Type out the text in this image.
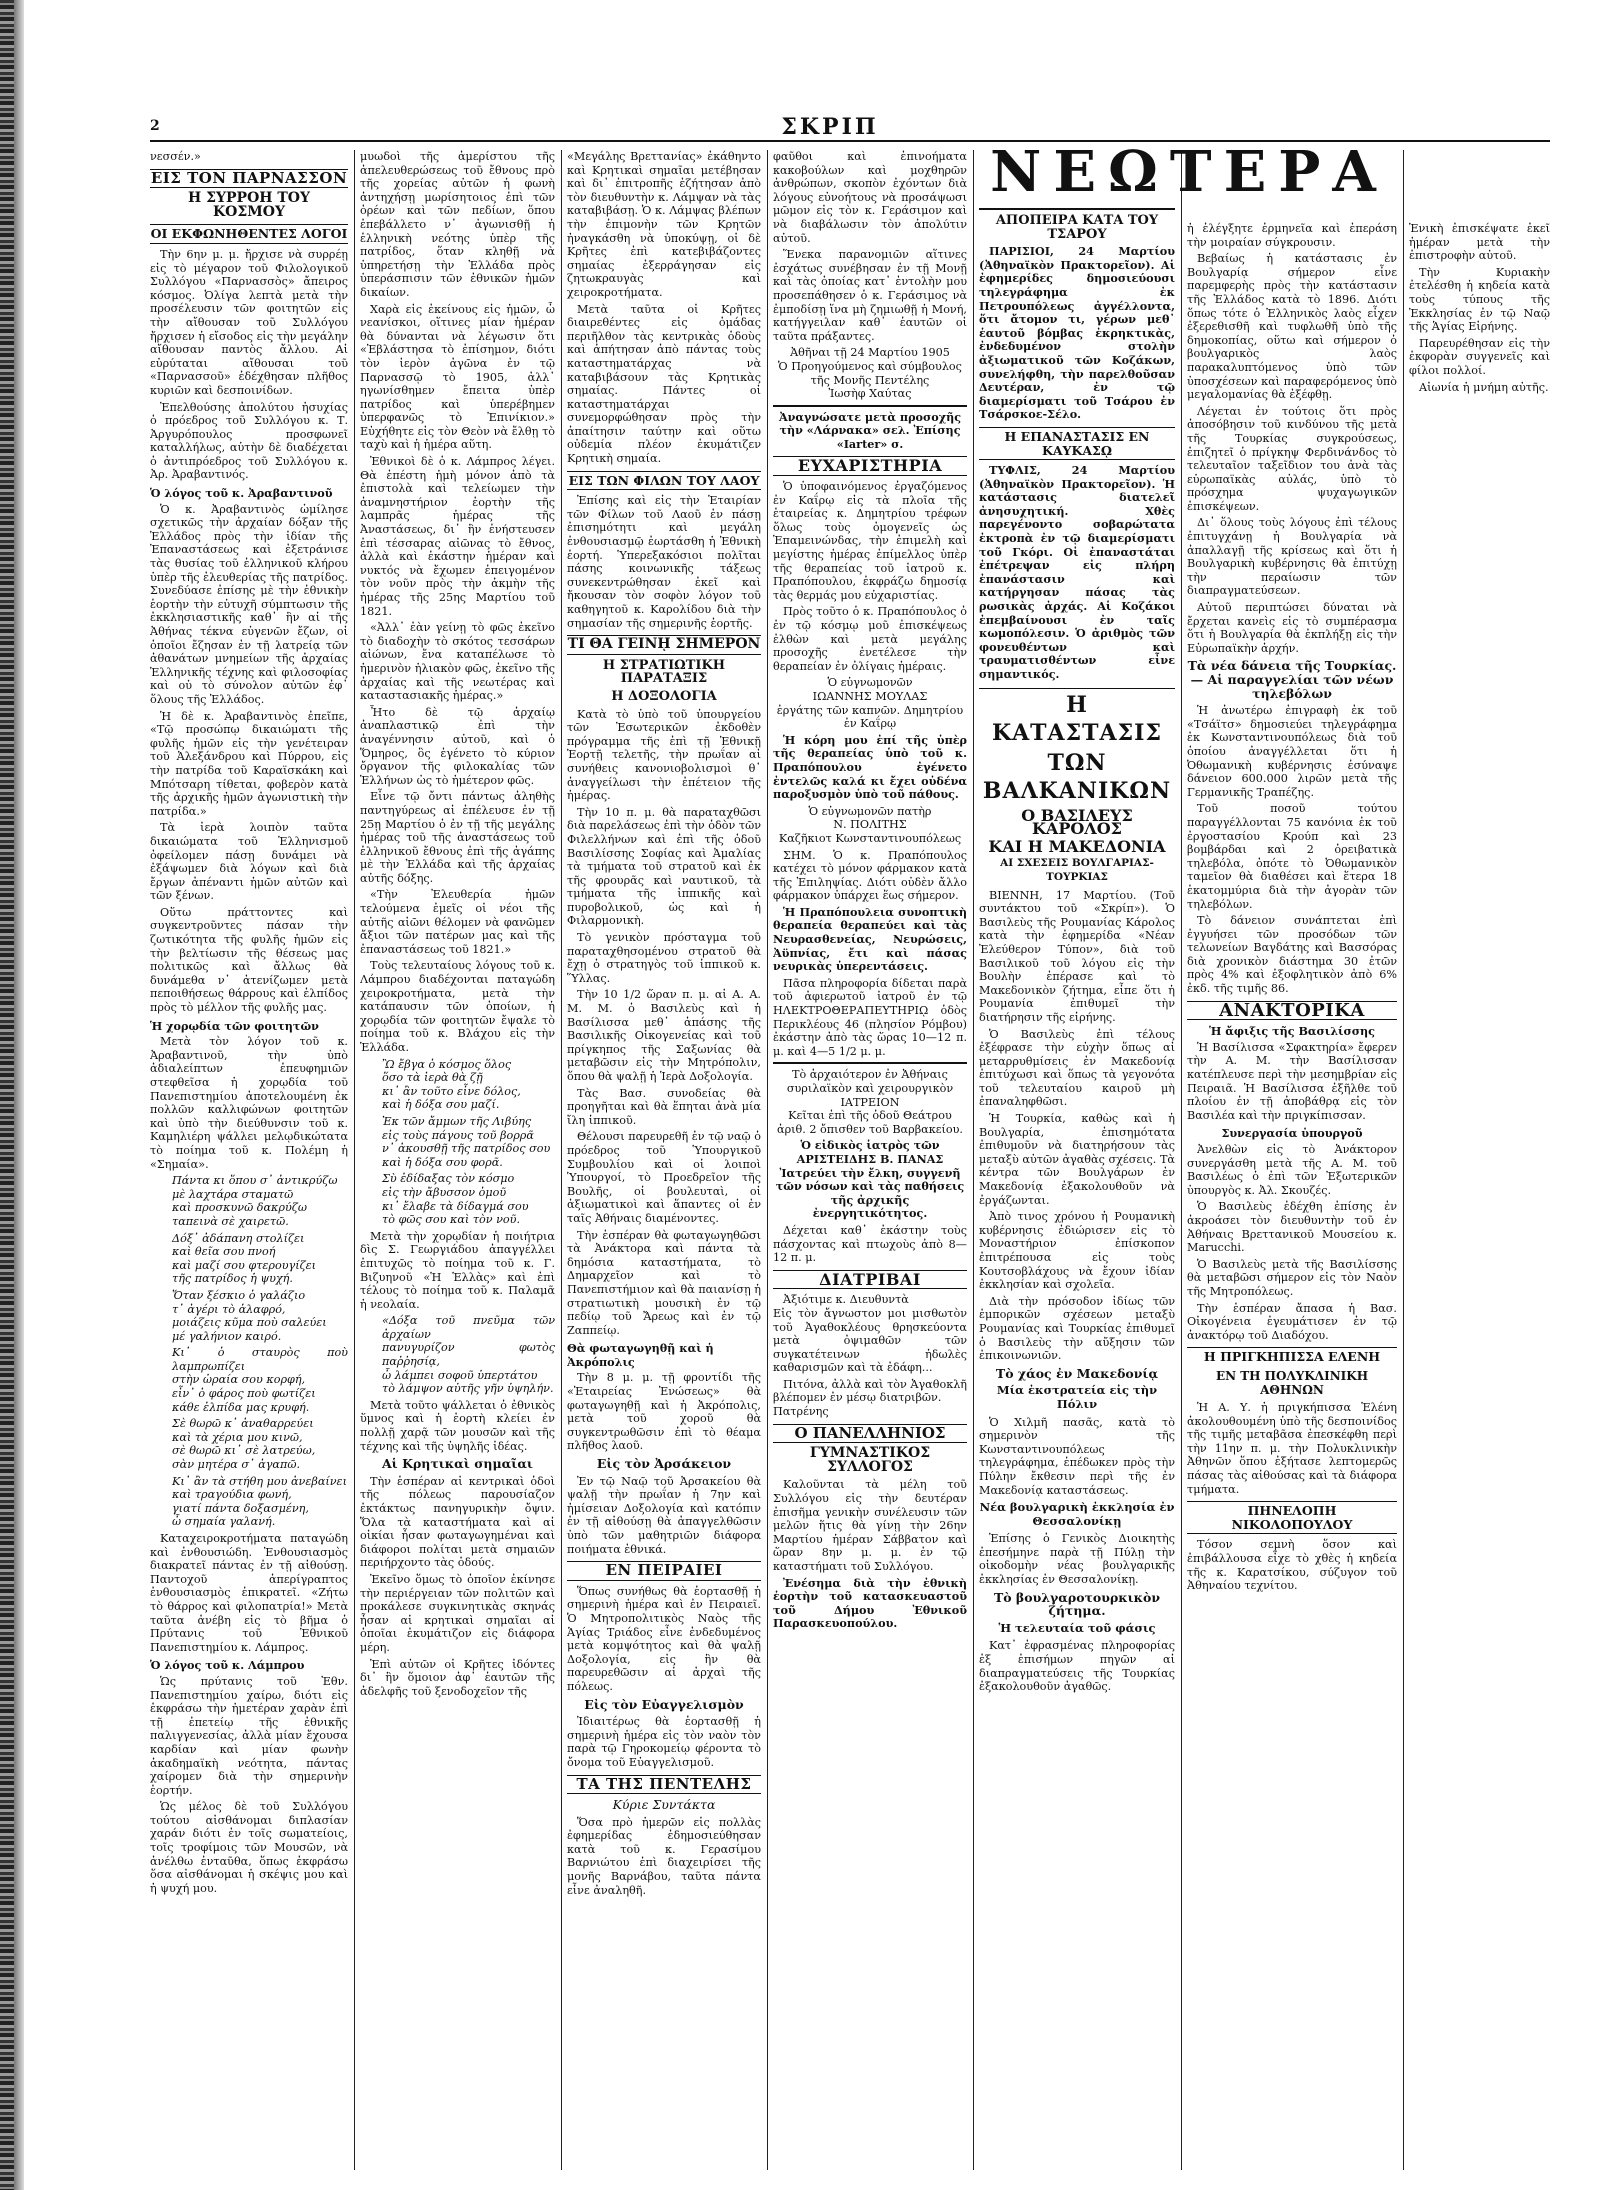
2	ΣΚΡΙΠ

νεσσέν.»

ΕΙΣ ΤΟΝ ΠΑΡΝΑΣΣΟΝ
Η ΣΥΡΡΟΗ ΤΟΥ ΚΟΣΜΟΥ
ΟΙ ΕΚΦΩΝΗΘΕΝΤΕΣ ΛΟΓΟΙ

Τὴν 6ην μ. μ. ἤρχισε νὰ συρρέῃ εἰς τὸ μέγαρον τοῦ Φιλολογικοῦ Συλλόγου «Παρνασσὸς» ἄπειρος κόσμος. Ὀλίγα λεπτὰ μετὰ τὴν προσέλευσιν τῶν φοιτητῶν εἰς τὴν αἴθουσαν τοῦ Συλλόγου ἤρχισεν ἡ εἴσοδος εἰς τὴν μεγάλην αἴθουσαν παντὸς ἄλλου. Αἱ εὐρύταται αἴθουσαι τοῦ «Παρνασσοῦ» ἐδέχθησαν πλῆθος κυριῶν καὶ δεσποινίδων.

Ἐπελθούσης ἀπολύτου ἡσυχίας ὁ πρόεδρος τοῦ Συλλόγου κ. Τ. Ἀργυρόπουλος προσφωνεῖ καταλλήλως, αὐτὴν δὲ διαδέχεται ὁ ἀντιπρόεδρος τοῦ Συλλόγου κ. Ἀρ. Ἀραβαντινός.

Ὁ λόγος τοῦ κ. Ἀραβαντινοῦ

Ὁ κ. Ἀραβαντινὸς ὡμίλησε σχετικῶς τὴν ἀρχαίαν δόξαν τῆς Ἑλλάδος πρὸς τὴν ἰδίαν τῆς Ἐπαναστάσεως καὶ ἐξετράνισε τὰς θυσίας τοῦ ἑλληνικοῦ κλήρου ὑπὲρ τῆς ἐλευθερίας τῆς πατρίδος. Συνεδύασε ἐπίσης μὲ τὴν ἐθνικὴν ἑορτὴν τὴν εὐτυχῆ σύμπτωσιν τῆς ἐκκλησιαστικῆς καθ᾽ ἣν αἱ τῆς Ἀθήνας τέκνα εὐγενῶν ἔζων, οἱ ὁποῖοι ἔζησαν ἐν τῇ λατρείᾳ τῶν ἀθανάτων μνημείων τῆς ἀρχαίας Ἑλληνικῆς τέχνης καὶ φιλοσοφίας καὶ οὐ τὸ σύνολον αὐτῶν ἐφ᾽ ὅλους τῆς Ἑλλάδος.

Ἡ δὲ κ. Ἀραβαντινὸς ἐπεῖπε, «Τῷ προσώπῳ δικαιώματι τῆς φυλῆς ἡμῶν εἰς τὴν γενέτειραν τοῦ Ἀλεξάνδρου καὶ Πύρρου, εἰς τὴν πατρίδα τοῦ Καραϊσκάκη καὶ Μπότσαρη τίθεται, φοβερὸν κατὰ τῆς ἀρχικῆς ἡμῶν ἀγωνιστικὴ τὴν πατρίδα.»

Τὰ ἱερὰ λοιπὸν ταῦτα δικαιώματα τοῦ Ἑλληνισμοῦ ὀφείλομεν πάσῃ δυνάμει νὰ ἐξάψωμεν διὰ λόγων καὶ διὰ ἔργων ἀπέναντι ἡμῶν αὐτῶν καὶ τῶν ξένων.

Οὕτω πράττοντες καὶ συγκεντροῦντες πάσαν τὴν ζωτικότητα τῆς φυλῆς ἡμῶν εἰς τὴν βελτίωσιν τῆς θέσεως μας πολιτικῶς καὶ ἄλλως θὰ δυνάμεθα ν᾽ ἀτενίζωμεν μετὰ πεποιθήσεως θάρρους καὶ ἐλπίδος πρὸς τὸ μέλλον τῆς φυλῆς μας.

Ἡ χορῳδία τῶν φοιτητῶν

Μετὰ τὸν λόγον τοῦ κ. Ἀραβαντινοῦ, τὴν ὑπὸ ἀδιαλείπτων ἐπευφημιῶν στεφθεῖσα ἡ χορῳδία τοῦ Πανεπιστημίου ἀποτελουμένη ἐκ πολλῶν καλλιφώνων φοιτητῶν καὶ ὑπὸ τὴν διεύθυνσιν τοῦ κ. Καμηλιέρη ψάλλει μελῳδικώτατα τὸ ποίημα τοῦ κ. Πολέμη ἡ «Σημαία».

Πάντα κι ὅπου σ᾽ ἀντικρύζω
μὲ λαχτάρα σταματῶ
καὶ προσκυνῶ δακρύζω
ταπεινὰ σὲ χαιρετῶ.
Δόξ᾽ ἀδάπανη στολίζει
καὶ θεῖα σου πνοή
καὶ μαζί σου φτερουγίζει
τῆς πατρίδος ἡ ψυχή.
Ὅταν ξέσκιο ὁ γαλάζιο
τ᾽ ἀγέρι τὸ ἁλαφρό,
μοιάζεις κῦμα ποὺ σαλεύει
μέ γαλήνιον καιρό.
Κι᾽ ὁ σταυρὸς ποὺ λαμπρωπίζει
στὴν ὠραία σου κορφή,
εἶν᾽ ὁ φάρος ποὺ φωτίζει
κάθε ἐλπίδα μας κρυφή.
Σὲ θωρῶ κ᾽ ἀναθαρρεύει
καὶ τὰ χέρια μου κινῶ,
σὲ θωρῶ κι᾽ σὲ λατρεύω,
σὰν μητέρα σ᾽ ἀγαπῶ.
Κι᾽ ἂν τὰ στήθη μου ἀνεβαίνει
καὶ τραγούδια φωνή,
γιατί πάντα δοξασμένη,
ὦ σημαία γαλανή.

Καταχειροκροτήματα παταγώδη καὶ ἐνθουσιώδη. Ἐνθουσιασμὸς διακρατεῖ πάντας ἐν τῇ αἰθούσῃ. Παντοχοῦ ἀπερίγραπτος ἐνθουσιασμὸς ἐπικρατεῖ. «Ζήτω τὸ θάρρος καὶ φιλοπατρία!» Μετὰ ταῦτα ἀνέβη εἰς τὸ βῆμα ὁ Πρύτανις τοῦ Ἐθνικοῦ Πανεπιστημίου κ. Λάμπρος.

Ὁ λόγος τοῦ κ. Λάμπρου

Ὡς πρύτανις τοῦ Ἐθν. Πανεπιστημίου χαίρω, διότι εἰς ἐκφράσω τὴν ἡμετέραν χαρὰν ἐπὶ τῇ ἐπετείῳ τῆς ἐθνικῆς παλιγγενεσίας, ἀλλὰ μίαν ἔχουσα καρδίαν καὶ μίαν φωνὴν ἀκαδημαϊκὴ νεότητα, πάντας χαίρομεν διὰ τὴν σημερινὴν ἑορτήν.

Ὡς μέλος δὲ τοῦ Συλλόγου τούτου αἰσθάνομαι διπλασίαν χαράν διότι ἐν τοῖς σωματείοις, τοῖς τροφίμοις τῶν Μουσῶν, νὰ ἀνέλθω ἐνταῦθα, ὅπως ἐκφράσω ὅσα αἰσθάνομαι ἡ σκέψις μου καὶ ἡ ψυχή μου.

μυωδοὶ τῆς ἀμερίστου τῆς ἀπελευθερώσεως τοῦ ἔθνους πρὸ τῆς χορείας αὐτῶν ἡ φωνὴ ἀντηχήσῃ μωρίσητοιος ἐπὶ τῶν ὁρέων καὶ τῶν πεδίων, ὅπου ἐπεβάλλετο ν᾽ ἀγωνισθῇ ἡ ἑλληνικὴ νεότης ὑπὲρ τῆς πατρίδος, ὅταν κληθῇ νὰ ὑπηρετήσῃ τὴν Ἑλλάδα πρὸς ὑπεράσπισιν τῶν ἐθνικῶν ἡμῶν δικαίων.

Χαρὰ εἰς ἐκείνους εἰς ἡμῶν, ὦ νεανίσκοι, οἵτινες μίαν ἡμέραν θὰ δύνανται νὰ λέγωσιν ὅτι «Ἐβλάστησα τὸ ἐπίσημον, διότι τὸν ἱερὸν ἀγῶνα ἐν τῷ Παρνασσῷ τὸ 1905, ἀλλ᾽ ηγωνίσθημεν ἔπειτα ὑπὲρ πατρίδος καὶ ὑπερέβημεν ὑπερφανῶς τὸ Ἐπινίκιον.» Εὐχήθητε εἰς τὸν Θεὸν νὰ ἔλθῃ τὸ ταχὺ καὶ ἡ ἡμέρα αὕτη.

Ἐθνικοὶ δὲ ὁ κ. Λάμπρος λέγει. Θὰ ἐπέστη ἡμὴ μόνον ἀπὸ τὰ ἐπιστολὰ καὶ τελείωμεν τὴν ἀναμνηστήριον ἑορτὴν τῆς λαμπρᾶς ἡμέρας τῆς Ἀναστάσεως, δι᾽ ἣν ἐνήστευσεν ἐπὶ τέσσαρας αἰῶνας τὸ ἔθνος, ἀλλὰ καὶ ἑκάστην ἡμέραν καὶ νυκτός νὰ ἔχωμεν ἐπειγομένον τὸν νοῦν πρὸς τὴν ἀκμὴν τῆς ἡμέρας τῆς 25ης Μαρτίου τοῦ 1821.

«Ἀλλ᾽ ἐὰν γείνῃ τὸ φῶς ἐκεῖνο τὸ διαδοχὴν τὸ σκότος τεσσάρων αἰώνων, ἔνα καταπέλωσε τὸ ἡμερινὸν ἡλιακὸν φῶς, ἐκεῖνο τῆς ἀρχαίας καὶ τῆς νεωτέρας καὶ καταστασιακῆς ἡμέρας.»

Ἦτο δὲ τῷ ἀρχαίῳ ἀναπλαστικῷ ἐπὶ τὴν ἀναγέννησιν αὐτοῦ, καὶ ὁ Ὅμηρος, ὃς ἐγένετο τὸ κύριον ὄργανον τῆς φιλοκαλίας τῶν Ἑλλήνων ὡς τὸ ἡμέτερον φῶς.

Εἶνε τῷ ὄντι πάντως ἀληθὴς παντηγύρεως αἱ ἐπέλευσε ἐν τῇ 25ῃ Μαρτίου ὁ ἐν τῇ τῆς μεγάλης ἡμέρας τοῦ τῆς ἀναστάσεως τοῦ ἑλληνικοῦ ἔθνους ἐπὶ τῆς ἀγάπης μὲ τὴν Ἑλλάδα καὶ τῆς ἀρχαίας αὐτῆς δόξης.

«Τὴν Ἐλευθερία ἡμῶν τελούμενα ἐμεῖς οἱ νέοι τῆς αὐτῆς αἰῶνι θέλομεν νὰ φανῶμεν ἄξιοι τῶν πατέρων μας καὶ τῆς ἐπαναστάσεως τοῦ 1821.»

Τοὺς τελευταίους λόγους τοῦ κ. Λάμπρου διαδέχονται παταγώδη χειροκροτήματα, μετὰ τὴν κατάπαυσιν τῶν ὁποίων, ἡ χορῳδία τῶν φοιτητῶν ἔψαλε τὸ ποίημα τοῦ κ. Βλάχου εἰς τὴν Ἑλλάδα.

Ὢ ἔβγα ὁ κόσμος ὅλος
ὅσο τὰ ἱερὰ θὰ ζῇ
κι᾽ ἂν τοῦτο εἶνε δόλος,
καὶ ἡ δόξα σου μαζί.
Ἐκ τῶν ἄμμων τῆς Λιβύης
εἰς τοὺς πάγους τοῦ βορρᾶ
ν᾽ ἀκουσθῇ τῆς πατρίδος σου
καὶ ἡ δόξα σου φορᾶ.
Σὺ ἐδίδαξας τὸν κόσμο
εἰς τὴν ἄβυσσον ὁμοῦ
κι᾽ ἔλαβε τὰ δίδαγμά σου
τὸ φῶς σου καὶ τὸν νοῦ.

Μετὰ τὴν χορῳδίαν ἡ ποιήτρια δὶς Σ. Γεωργιάδου ἀπαγγέλλει ἐπιτυχῶς τὸ ποίημα τοῦ κ. Γ. Βιζυηνοῦ «Ἡ Ἑλλὰς» καὶ ἐπὶ τέλους τὸ ποίημα τοῦ κ. Παλαμᾶ ἡ νεολαία.

«Δόξα τοῦ πνεῦμα τῶν ἀρχαίων
πανυγυρίζον φωτὸς παῤῥησίᾳ,
ὦ λάμπει σοφοῦ ὑπερτάτου
τὸ λάμψον αὐτῆς γῆν ὑψηλήν.

Μετὰ τοῦτο ψάλλεται ὁ ἐθνικὸς ὕμνος καὶ ἡ ἑορτὴ κλείει ἐν πολλῇ χαρᾷ τῶν μουσῶν καὶ τῆς τέχνης καὶ τῆς ὑψηλῆς ἰδέας.

Αἱ Κρητικαὶ σημαῖαι

Τὴν ἑσπέραν αἱ κεντρικαὶ ὁδοὶ τῆς πόλεως παρουσίαζον ἐκτάκτως πανηγυρικὴν ὄψιν. Ὅλα τὰ καταστήματα καὶ αἱ οἰκίαι ἦσαν φωταγωγημέναι καὶ διάφοροι πολίται μετὰ σημαιῶν περιήρχοντο τὰς ὁδούς.

Ἐκεῖνο ὅμως τὸ ὁποῖον ἐκίνησε τὴν περιέργειαν τῶν πολιτῶν καὶ προκάλεσε συγκινητικὰς σκηνάς ἦσαν αἱ κρητικαὶ σημαῖαι αἱ ὁποῖαι ἐκυμάτιζον εἰς διάφορα μέρη.

Ἐπὶ αὐτῶν οἱ Κρῆτες ἰδόντες δι᾽ ἣν ὅμοιον ἀφ᾽ ἑαυτῶν τῆς ἀδελφῆς τοῦ ξενοδοχεῖον τῆς

«Μεγάλης Βρεττανίας» ἐκάθηντο καὶ Κρητικαὶ σημαῖαι μετέβησαν καὶ δι᾽ ἐπιτροπῆς ἐζήτησαν ἀπὸ τὸν διευθυντὴν κ. Λάμψαν νὰ τὰς καταβιβάσῃ. Ὁ κ. Λάμψας βλέπων τὴν ἐπιμονὴν τῶν Κρητῶν ἠναγκάσθη νὰ ὑποκύψῃ, οἱ δὲ Κρῆτες ἐπὶ κατεβιβάζοντες σημαίας ἐξερράγησαν εἰς ζητωκραυγὰς καὶ χειροκροτήματα.

Μετὰ ταῦτα οἱ Κρῆτες διαιρεθέντες εἰς ὁμάδας περιῆλθον τὰς κεντρικὰς ὁδοὺς καὶ ἀπήτησαν ἀπὸ πάντας τοὺς καταστηματάρχας νὰ καταβιβάσουν τὰς Κρητικὰς σημαίας. Πάντες οἱ καταστηματάρχαι συνεμορφώθησαν πρὸς τὴν ἀπαίτησιν ταύτην καὶ οὕτω οὐδεμία πλέον ἐκυμάτιζεν Κρητικὴ σημαία.

ΕΙΣ ΤΩΝ ΦΙΛΩΝ ΤΟΥ ΛΑΟΥ

Ἐπίσης καὶ εἰς τὴν Ἑταιρίαν τῶν Φίλων τοῦ Λαοῦ ἐν πάσῃ ἐπισημότητι καὶ μεγάλη ἐνθουσιασμῷ ἐωρτάσθη ἡ Ἐθνικὴ ἑορτή. Ὑπερεξακόσιοι πολῖται πάσης κοινωνικῆς τάξεως συνεκεντρώθησαν ἐκεῖ καὶ ἤκουσαν τὸν σοφὸν λόγον τοῦ καθηγητοῦ κ. Καρολίδου διὰ τὴν σημασίαν τῆς σημερινῆς ἑορτῆς.

ΤΙ ΘΑ ΓΕΙΝῌ ΣΗΜΕΡΟΝ
Η ΣΤΡΑΤΙΩΤΙΚΗ ΠΑΡΑΤΑΞΙΣ
Η ΔΟΞΟΛΟΓΙΑ

Κατὰ τὸ ὑπὸ τοῦ ὑπουργείου τῶν Ἐσωτερικῶν ἐκδοθὲν πρόγραμμα τῆς ἐπὶ τῇ Ἐθνικῇ Ἑορτῇ τελετῆς, τὴν πρωΐαν αἱ συνήθεις κανονιοβολισμοὶ θ᾽ ἀναγγείλωσι τὴν ἐπέτειον τῆς ἡμέρας.

Τὴν 10 π. μ. θὰ παραταχθῶσι διὰ παρελάσεως ἐπὶ τὴν ὁδὸν τῶν Φιλελλήνων καὶ ἐπὶ τῆς ὁδοῦ Βασιλίσσης Σοφίας καὶ Ἀμαλίας τὰ τμήματα τοῦ στρατοῦ καὶ ἐκ τῆς φρουρᾶς καὶ ναυτικοῦ, τὰ τμήματα τῆς ἱππικῆς καὶ πυροβολικοῦ, ὡς καὶ ἡ Φιλαρμονικὴ.

Τὸ γενικὸν πρόσταγμα τοῦ παραταχθησομένου στρατοῦ θὰ ἔχῃ ὁ στρατηγὸς τοῦ ἱππικοῦ κ. Ὕλλας.

Τὴν 10 1/2 ὥραν π. μ. αἱ Α. Α. Μ. Μ. ὁ Βασιλεὺς καὶ ἡ Βασίλισσα μεθ᾽ ἁπάσης τῆς Βασιλικῆς Οἰκογενείας καὶ τοῦ πρίγκηπος τῆς Σαξωνίας θὰ μεταβῶσιν εἰς τὴν Μητρόπολιν, ὅπου θὰ ψαλῇ ἡ Ἱερὰ Δοξολογία.

Τὰς Βασ. συνοδείας θὰ προηγῆται καὶ θὰ ἕπηται ἀνὰ μία ἴλη ἱππικοῦ.

Θέλουσι παρευρεθῆ ἐν τῷ ναῷ ὁ πρόεδρος τοῦ Ὑπουργικοῦ Συμβουλίου καὶ οἱ λοιποὶ Ὑπουργοί, τὸ Προεδρεῖον τῆς Βουλῆς, οἱ βουλευταὶ, οἱ ἀξιωματικοὶ καὶ ἅπαντες οἱ ἐν ταῖς Ἀθήναις διαμένοντες.

Τὴν ἑσπέραν θὰ φωταγωγηθῶσι τὰ Ἀνάκτορα καὶ πάντα τὰ δημόσια καταστήματα, τὸ Δημαρχεῖον καὶ τὸ Πανεπιστήμιον καὶ θὰ παιανίσῃ ἡ στρατιωτικὴ μουσικὴ ἐν τῷ πεδίῳ τοῦ Ἄρεως καὶ ἐν τῷ Ζαππείῳ.

Θὰ φωταγωγηθῇ καὶ ἡ Ἀκρόπολις

Τὴν 8 μ. μ. τῇ φροντίδι τῆς «Ἑταιρείας Ἑνώσεως» θὰ φωταγωγηθῇ καὶ ἡ Ἀκρόπολις, μετὰ τοῦ χοροῦ θὰ συγκεντρωθῶσιν ἐπὶ τὸ θέαμα πλῆθος λαοῦ.

Εἰς τὸν Ἀρσάκειον

Ἐν τῷ Ναῷ τοῦ Ἀρσακείου θὰ ψαλῇ τὴν πρωΐαν ἡ 7ην καὶ ἡμίσειαν Δοξολογία καὶ κατόπιν ἐν τῇ αἰθούσῃ θὰ ἀπαγγελθῶσιν ὑπὸ τῶν μαθητριῶν διάφορα ποιήματα ἐθνικά.

ΕΝ ΠΕΙΡΑΙΕΙ

Ὅπως συνήθως θὰ ἑορτασθῇ ἡ σημερινὴ ἡμέρα καὶ ἐν Πειραιεῖ. Ὁ Μητροπολιτικὸς Ναὸς τῆς Ἁγίας Τριάδος εἶνε ἐνδεδυμένος μετὰ κομψότητος καὶ θὰ ψαλῇ Δοξολογία, εἰς ἣν θὰ παρευρεθῶσιν αἱ ἀρχαὶ τῆς πόλεως.

Εἰς τὸν Εὐαγγελισμὸν

Ἰδιαιτέρως θὰ ἑορτασθῇ ἡ σημερινὴ ἡμέρα εἰς τὸν ναὸν τὸν παρὰ τῷ Γηροκομείῳ φέροντα τὸ ὄνομα τοῦ Εὐαγγελισμοῦ.

ΤΑ ΤΗΣ ΠΕΝΤΕΛΗΣ
Κύριε Συντάκτα

Ὅσα πρὸ ἡμερῶν εἰς πολλὰς ἐφημερίδας ἐδημοσιεύθησαν κατὰ τοῦ κ. Γερασίμου Βαρνιώτου ἐπὶ διαχειρίσει τῆς μονῆς Βαρνάβου, ταῦτα πάντα εἶνε ἀναληθῆ.

φαῦθοι καὶ ἐπινοήματα κακοβούλων καὶ μοχθηρῶν ἀνθρώπων, σκοπὸν ἐχόντων διὰ λόγους εὐνοήτους νὰ προσάψωσι μῶμον εἰς τὸν κ. Γεράσιμον καὶ νὰ διαβάλωσιν τὸν ἀπολύτιν αὐτοῦ.

Ἕνεκα παρανομιῶν αἵτινες ἐσχάτως συνέβησαν ἐν τῇ Μονῇ καὶ τὰς ὁποίας κατ᾽ ἐντολὴν μου προσεπάθησεν ὁ κ. Γεράσιμος νὰ ἐμποδίσῃ ἵνα μὴ ζημιωθῇ ἡ Μονή, κατήγγειλαν καθ᾽ ἑαυτῶν οἱ ταῦτα πράξαντες.

Ἀθῆναι τῇ 24 Μαρτίου 1905
Ὁ Προηγούμενος καὶ σύμβουλος τῆς Μονῆς Πεντέλης
Ἰωσὴφ Χαύτας

Ἀναγνώσατε μετὰ προσοχῆς τὴν «Λάρνακα» σελ. Ἐπίσης «Ιarter» σ.

ΕΥΧΑΡΙΣΤΗΡΙΑ

Ὁ ὑποφαινόμενος ἐργαζόμενος ἐν Καΐρῳ εἰς τὰ πλοῖα τῆς ἑταιρείας κ. Δημητρίου τρέφων ὅλως τοὺς ὁμογενεῖς ὡς Ἐπαμεινώνδας, τὴν ἐπιμελὴ καὶ μεγίστης ἡμέρας ἐπίμελλος ὑπὲρ τῆς θεραπείας τοῦ ἰατροῦ κ. Πραπόπουλου, ἐκφράζω δημοσίᾳ τὰς θερμάς μου εὐχαριστίας.

Πρὸς τοῦτο ὁ κ. Πραπόπουλος ὁ ἐν τῷ κόσμῳ μοῦ ἐπισκέψεως ἐλθὼν καὶ μετὰ μεγάλης προσοχῆς ἐνετέλεσε τὴν θεραπείαν ἐν ὀλίγαις ἡμέραις.

Ὁ εὐγνωμονῶν
ΙΩΑΝΝΗΣ ΜΟΥΛΑΣ
ἐργάτης τῶν καπνῶν. Δημητρίου ἐν Καΐρῳ

Ἡ κόρη μου ἐπί τῆς ὑπὲρ τῆς θεραπείας ὑπὸ τοῦ κ. Πραπόπουλου ἐγένετο ἐντελῶς καλά κι ἔχει οὐδένα παροξυσμὸν ὑπὸ τοῦ πάθους.

Ὁ εὐγνωμονῶν πατὴρ
Ν. ΠΟΛΙΤΗΣ
Καζῆκιοτ Κωνσταντινουπόλεως

ΣΗΜ. Ὁ κ. Πραπόπουλος κατέχει τὸ μόνον φάρμακον κατὰ τῆς Ἐπιληψίας. Διότι οὐδὲν ἄλλο φάρμακον ὑπάρχει ἕως σήμερον.

Ἡ Πραπόπουλεια συνοπτικὴ θεραπεία θεραπεύει καὶ τὰς Νευρασθενείας, Νευρώσεις, Ἀϋπνίας, ἔτι καὶ πάσας νευρικὰς ὑπερεντάσεις.

Πᾶσα πληροφορία δίδεται παρὰ τοῦ ἀφιερωτοῦ ἰατροῦ ἐν τῷ ΗΛΕΚΤΡΟΘΕΡΑΠΕΥΤΗΡΙῼ ὁδὸς Περικλέους 46 (πλησίον Ρόμβου) ἐκάστην ἀπὸ τὰς ὥρας 10—12 π. μ. καὶ 4—5 1/2 μ. μ.

Τὸ ἀρχαιότερον ἐν Ἀθήναις συριλαϊκὸν καὶ χειρουργικὸν ΙΑΤΡΕΙΟΝ
Κεῖται ἐπὶ τῆς ὁδοῦ Θεάτρου ἀριθ. 2 ὄπισθεν τοῦ Βαρβακείου.

Ὁ εἰδικὸς ἰατρὸς τῶν
ΑΡΙΣΤΕΙΔΗΣ Β. ΠΑΝΑΣ
Ἰατρεύει τὴν ἔλκη, συγγενῆ τῶν νόσων καὶ τὰς παθήσεις τῆς ἀρχικῆς ἐνεργητικότητος.

Δέχεται καθ᾽ ἑκάστην τοὺς πάσχοντας καὶ πτωχοὺς ἀπὸ 8—12 π. μ.

ΔΙΑΤΡΙΒΑΙ

Ἀξιότιμε κ. Διευθυντὰ
Εἰς τὸν ἄγνωστον μοι μισθωτὸν τοῦ Ἀγαθοκλέους θρησκεύοντα μετὰ ὀψιμαθῶν τῶν συγκατέτεινων ἠδωλὲς καθαρισμῶν καὶ τὰ ἐδάφη...

Πιτόνα, ἀλλὰ καὶ τὸν Ἀγαθοκλῆ βλέπομεν ἐν μέσῳ διατριβῶν.
Πατρένης

Ο ΠΑΝΕΛΛΗΝΙΟΣ
ΓΥΜΝΑΣΤΙΚΟΣ ΣΥΛΛΟΓΟΣ

Καλοῦνται τὰ μέλη τοῦ Συλλόγου εἰς τὴν δευτέραν ἐπισῆμα γενικὴν συνέλευσιν τῶν μελῶν ἥτις θὰ γίνῃ τὴν 26ην Μαρτίου ἡμέραν Σάββατον καὶ ὥραν 8ην μ. μ. ἐν τῷ καταστήματι τοῦ Συλλόγου.

Ἐνέσημα διὰ τὴν ἐθνικὴ ἑορτὴν τοῦ κατασκευαστοῦ τοῦ Δήμου Ἐθνικοῦ Παρασκευοπούλου.

ΝΕΩΤΕΡΑ
ΑΠΟΠΕΙΡΑ ΚΑΤΑ ΤΟΥ ΤΣΑΡΟΥ

ΠΑΡΙΣΙΟΙ, 24 Μαρτίου (Ἀθηναϊκὸν Πρακτορεῖον). Αἱ ἐφημερίδες δημοσιεύουσι τηλεγράφημα ἐκ Πετρουπόλεως ἀγγέλλοντα, ὅτι ἄτομον τι, γέρων μεθ᾽ ἑαυτοῦ βόμβας ἐκρηκτικὰς, ἐνδεδυμένον στολὴν ἀξιωματικοῦ τῶν Κοζάκων, συνελήφθη, τὴν παρελθοῦσαν Δευτέραν, ἐν τῷ διαμερίσματι τοῦ Τσάρου ἐν Τσάρσκοε-Σέλο.

Η ΕΠΑΝΑΣΤΑΣΙΣ ΕΝ ΚΑΥΚΑΣῼ

ΤΥΦΛΙΣ, 24 Μαρτίου (Ἀθηναϊκὸν Πρακτορεῖον). Ἡ κατάστασις διατελεῖ ἀνησυχητική. Χθὲς παρεγένοντο σοβαρώτατα ἐκτροπὰ ἐν τῷ διαμερίσματι τοῦ Γκόρι. Οἱ ἐπαναστάται ἐπέτρεψαν εἰς πλήρη ἐπανάστασιν καὶ κατήργησαν πάσας τὰς ρωσικὰς ἀρχάς. Αἱ Κοζάκοι ἐπεμβαίνουσι ἐν ταῖς κωμοπόλεσιν. Ὁ ἀριθμὸς τῶν φονευθέντων καὶ τραυματισθέντων εἶνε σημαντικός.

Η ΚΑΤΑΣΤΑΣΙΣ
ΤΩΝ ΒΑΛΚΑΝΙΚΩΝ
Ο ΒΑΣΙΛΕΥΣ ΚΑΡΟΛΟΣ
ΚΑΙ Η ΜΑΚΕΔΟΝΙΑ
ΑΙ ΣΧΕΣΕΙΣ ΒΟΥΛΓΑΡΙΑΣ-ΤΟΥΡΚΙΑΣ

ΒΙΕΝΝΗ, 17 Μαρτίου. (Τοῦ συντάκτου τοῦ «Σκρίπ»). Ὁ Βασιλεὺς τῆς Ρουμανίας Κάρολος κατὰ τὴν ἐφημερίδα «Νέαν Ἐλεύθερον Τύπον», διὰ τοῦ Βασιλικοῦ τοῦ λόγου εἰς τὴν Βουλὴν ἐπέρασε καὶ τὸ Μακεδονικὸν ζήτημα, εἶπε ὅτι ἡ Ρουμανία ἐπιθυμεῖ τὴν διατήρησιν τῆς εἰρήνης.

Ὁ Βασιλεὺς ἐπὶ τέλους ἐξέφρασε τὴν εὐχὴν ὅπως αἱ μεταρρυθμίσεις ἐν Μακεδονίᾳ ἐπιτύχωσι καὶ ὅπως τὰ γεγονότα τοῦ τελευταίου καιροῦ μὴ ἐπαναληφθῶσι.

Ἡ Τουρκία, καθὼς καὶ ἡ Βουλγαρία, ἐπισημότατα ἐπιθυμοῦν νὰ διατηρήσουν τὰς μεταξὺ αὐτῶν ἀγαθὰς σχέσεις. Τὰ κέντρα τῶν Βουλγάρων ἐν Μακεδονίᾳ ἐξακολουθοῦν νὰ ἐργάζωνται.

Ἀπὸ τινος χρόνου ἡ Ρουμανικὴ κυβέρνησις ἐδιώρισεν εἰς τὸ Μοναστήριον ἐπίσκοπον ἐπιτρέπουσα εἰς τοὺς Κουτσοβλάχους νὰ ἔχουν ἰδίαν ἐκκλησίαν καὶ σχολεῖα.

Διὰ τὴν πρόσοδον ἰδίως τῶν ἐμπορικῶν σχέσεων μεταξὺ Ρουμανίας καὶ Τουρκίας ἐπιθυμεῖ ὁ Βασιλεὺς τὴν αὔξησιν τῶν ἐπικοινωνιῶν.

Τὸ χάος ἐν Μακεδονίᾳ
Μία ἐκστρατεία εἰς τὴν Πόλιν

Ὁ Χιλμῆ πασᾶς, κατὰ τὸ σημερινὸν τῆς Κωνσταντινουπόλεως τηλεγράφημα, ἐπέδωκεν πρὸς τὴν Πύλην ἔκθεσιν περὶ τῆς ἐν Μακεδονίᾳ καταστάσεως.

Νέα βουλγαρικὴ ἐκκλησία ἐν Θεσσαλονίκῃ

Ἐπίσης ὁ Γενικὸς Διοικητὴς ἐπεσήμηνε παρὰ τῇ Πύλῃ τὴν οἰκοδομὴν νέας βουλγαρικῆς ἐκκλησίας ἐν Θεσσαλονίκῃ.

Τὸ βουλγαροτουρκικὸν ζήτημα.
Ἡ τελευταία τοῦ φάσις

Κατ᾽ ἐφρασμένας πληροφορίας ἐξ ἐπισήμων πηγῶν αἱ διαπραγματεύσεις τῆς Τουρκίας ἐξακολουθοῦν ἀγαθῶς.

ἡ ἐλέγξητε ἐρμηνεῖα καὶ ἐπεράση τὴν μοιραίαν σύγκρουσιν.

Βεβαίως ἡ κατάστασις ἐν Βουλγαρίᾳ σήμερον εἶνε παρεμφερὴς πρὸς τὴν κατάστασιν τῆς Ἑλλάδος κατὰ τὸ 1896. Διότι ὅπως τότε ὁ Ἑλληνικὸς λαὸς εἶχεν ἐξερεθισθῆ καὶ τυφλωθῆ ὑπὸ τῆς δημοκοπίας, οὕτω καὶ σήμερον ὁ βουλγαρικὸς λαὸς παρακαλυπτόμενος ὑπὸ τῶν ὑποσχέσεων καὶ παραφερόμενος ὑπὸ μεγαλομανίας θὰ ἐξέφθῃ.

Λέγεται ἐν τούτοις ὅτι πρὸς ἀποσόβησιν τοῦ κινδύνου τῆς μετὰ τῆς Τουρκίας συγκρούσεως, ἐπιζητεῖ ὁ πρίγκηψ Φερδινάνδος τὸ τελευταῖον ταξεῖδιον του ἀνὰ τὰς εὐρωπαϊκὰς αὐλάς, ὑπὸ τὸ πρόσχημα ψυχαγωγικῶν ἐπισκέψεων.

Δι᾽ ὅλους τοὺς λόγους ἐπὶ τέλους ἐπιτυγχάνῃ ἡ Βουλγαρία νὰ ἀπαλλαγῇ τῆς κρίσεως καὶ ὅτι ἡ Βουλγαρικὴ κυβέρνησις θὰ ἐπιτύχῃ τὴν περαίωσιν τῶν διαπραγματεύσεων.

Αὐτοῦ περιπτώσει δύναται νὰ ἔρχεται κανεὶς εἰς τὸ συμπέρασμα ὅτι ἡ Βουλγαρία θὰ ἐκπλήξῃ εἰς τὴν Εὐρωπαϊκὴν ἀρχήν.

Τὰ νέα δάνεια τῆς Τουρκίας.— Αἱ παραγγελίαι τῶν νέων τηλεβόλων

Ἡ ἀνωτέρω ἐπιγραφὴ ἐκ τοῦ «Τσάϊτσ» δημοσιεύει τηλεγράφημα ἐκ Κωνσταντινουπόλεως διὰ τοῦ ὁποίου ἀναγγέλλεται ὅτι ἡ Ὀθωμανικὴ κυβέρνησις ἐσύναψε δάνειον 600.000 λιρῶν μετὰ τῆς Γερμανικῆς Τραπέζης.

Τοῦ ποσοῦ τούτου παραγγέλλονται 75 κανόνια ἐκ τοῦ ἐργοστασίου Κρούπ καὶ 23 βομβάρδαι καὶ 2 ὀρειβατικὰ τηλεβόλα, ὁπότε τὸ Ὀθωμανικὸν ταμεῖον θὰ διαθέσει καὶ ἕτερα 18 ἑκατομμύρια διὰ τὴν ἀγορὰν τῶν τηλεβόλων.

Τὸ δάνειον συνάπτεται ἐπὶ ἐγγυήσει τῶν προσόδων τῶν τελωνείων Βαγδάτης καὶ Βασσόρας διὰ χρονικὸν διάστημα 30 ἐτῶν πρὸς 4% καὶ ἐξοφλητικὸν ἀπὸ 6% ἐκδ. τῆς τιμῆς 86.

ΑΝΑΚΤΟΡΙΚΑ
Ἡ ἄφιξις τῆς Βασιλίσσης

Ἡ Βασίλισσα «Σφακτηρία» ἔφερεν τὴν Α. Μ. τὴν Βασίλισσαν κατέπλευσε περὶ τὴν μεσημβρίαν εἰς Πειραιᾶ. Ἡ Βασίλισσα ἐξῆλθε τοῦ πλοίου ἐν τῇ ἀποβάθρᾳ εἰς τὸν Βασιλέα καὶ τὴν πριγκίπισσαν.

Συνεργασία ὑπουργοῦ

Ἀνελθὼν εἰς τὸ Ἀνάκτορον συνεργάσθη μετὰ τῆς Α. Μ. τοῦ Βασιλέως ὁ ἐπὶ τῶν Ἐξωτερικῶν ὑπουργὸς κ. Ἀλ. Σκουζές.

Ὁ Βασιλεὺς ἐδέχθη ἐπίσης ἐν ἀκροάσει τὸν διευθυντὴν τοῦ ἐν Ἀθήναις Βρεττανικοῦ Μουσείου κ. Marucchi.

Ὁ Βασιλεὺς μετὰ τῆς Βασιλίσσης θὰ μεταβῶσι σήμερον εἰς τὸν Ναὸν τῆς Μητροπόλεως.

Τὴν ἑσπέραν ἄπασα ἡ Βασ. Οἰκογένεια ἐγευμάτισεν ἐν τῷ ἀνακτόρῳ τοῦ Διαδόχου.

Η ΠΡΙΓΚΗΠΙΣΣΑ ΕΛΕΝΗ
ΕΝ ΤΗ ΠΟΛΥΚΛΙΝΙΚΗ ΑΘΗΝΩΝ

Ἡ Α. Υ. ἡ πριγκήπισσα Ἑλένη ἀκολουθουμένη ὑπὸ τῆς δεσποινίδος τῆς τιμῆς μεταβᾶσα ἐπεσκέφθη περὶ τὴν 11ην π. μ. τὴν Πολυκλινικὴν Ἀθηνῶν ὅπου ἐξήτασε λεπτομερῶς πάσας τὰς αἰθούσας καὶ τὰ διάφορα τμήματα.

ΠΗΝΕΛΟΠΗ ΝΙΚΟΛΟΠΟΥΛΟΥ

Τόσον σεμνὴ ὅσον καὶ ἐπιβάλλουσα εἶχε τὸ χθὲς ἡ κηδεία τῆς κ. Καρατσίκου, σύζυγον τοῦ Ἀθηναίου τεχνίτου.

Ἐνικὴ ἐπισκέψατε ἐκεῖ ἡμέραν μετὰ τὴν ἐπιστροφὴν αὐτοῦ.

Τὴν Κυριακὴν ἐτελέσθη ἡ κηδεία κατὰ τοὺς τύπους τῆς Ἐκκλησίας ἐν τῷ Ναῷ τῆς Ἁγίας Εἰρήνης.

Παρευρέθησαν εἰς τὴν ἐκφορὰν συγγενεῖς καὶ φίλοι πολλοί.

Αἰωνία ἡ μνήμη αὐτῆς.
